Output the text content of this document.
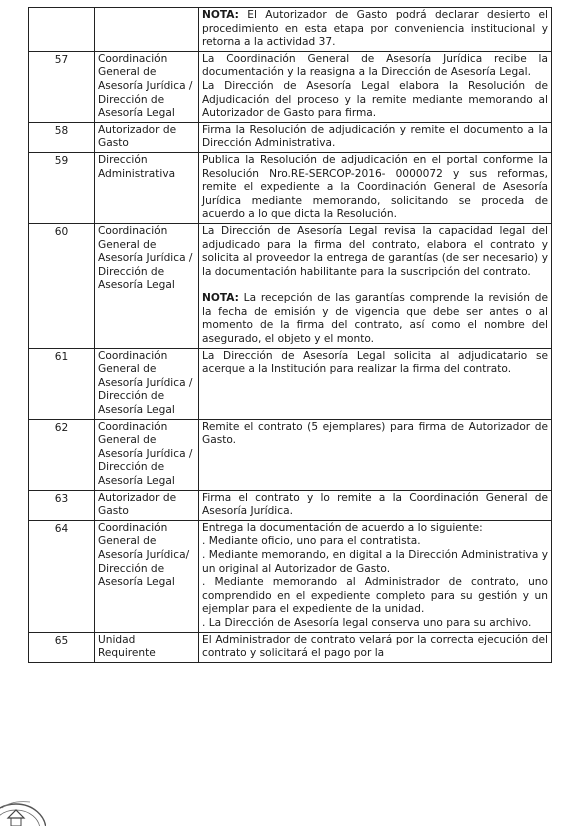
		NOTA: El Autorizador de Gasto podrá declarar desierto el procedimiento en esta etapa por conveniencia institucional y retorna a la actividad 37.

57	Coordinación General de Asesoría Jurídica / Dirección de Asesoría Legal	La Coordinación General de Asesoría Jurídica recibe la documentación y la reasigna a la Dirección de Asesoría Legal.

La Dirección de Asesoría Legal elabora la Resolución de Adjudicación del proceso y la remite mediante memorando al Autorizador de Gasto para firma.

58	Autorizador de Gasto	Firma la Resolución de adjudicación y remite el documento a la Dirección Administrativa.

59	Dirección Administrativa	Publica la Resolución de adjudicación en el portal conforme la Resolución Nro.RE-SERCOP-2016- 0000072 y sus reformas, remite el expediente a la Coordinación General de Asesoría Jurídica mediante memorando, solicitando se proceda de acuerdo a lo que dicta la Resolución.

60	Coordinación General de Asesoría Jurídica / Dirección de Asesoría Legal	La Dirección de Asesoría Legal revisa la capacidad legal del adjudicado para la firma del contrato, elabora el contrato y solicita al proveedor la entrega de garantías (de ser necesario) y la documentación habilitante para la suscripción del contrato.

NOTA: La recepción de las garantías comprende la revisión de la fecha de emisión y de vigencia que debe ser antes o al momento de la firma del contrato, así como el nombre del asegurado, el objeto y el monto.

61	Coordinación General de Asesoría Jurídica / Dirección de Asesoría Legal	La Dirección de Asesoría Legal solicita al adjudicatario se acerque a la Institución para realizar la firma del contrato.

62	Coordinación General de Asesoría Jurídica / Dirección de Asesoría Legal	Remite el contrato (5 ejemplares) para firma de Autorizador de Gasto.

63	Autorizador de Gasto	Firma el contrato y lo remite a la Coordinación General de Asesoría Jurídica.

64	Coordinación General de Asesoría Jurídica/ Dirección de Asesoría Legal	Entrega la documentación de acuerdo a lo siguiente:

. Mediante oficio, uno para el contratista.

. Mediante memorando, en digital a la Dirección Administrativa y un original al Autorizador de Gasto.

. Mediante memorando al Administrador de contrato, uno comprendido en el expediente completo para su gestión y un ejemplar para el expediente de la unidad.

. La Dirección de Asesoría legal conserva uno para su archivo.

65	Unidad Requirente	El Administrador de contrato velará por la correcta ejecución del contrato y solicitará el pago por la
